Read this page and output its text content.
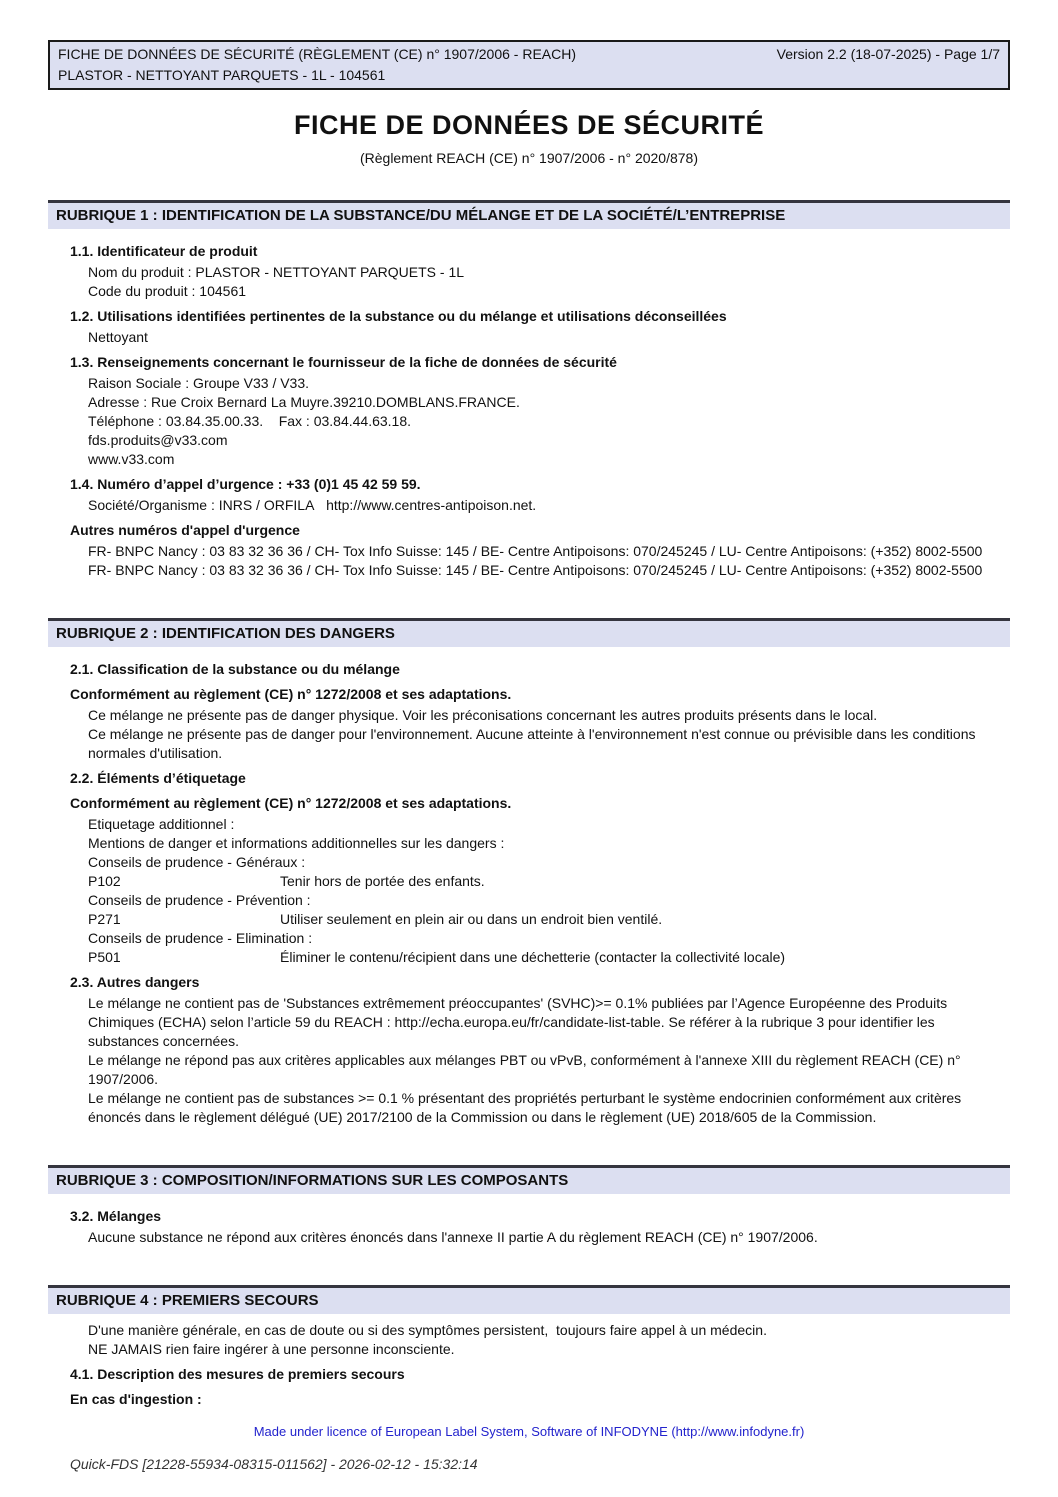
FICHE DE DONNÉES DE SÉCURITÉ (RÈGLEMENT (CE) n° 1907/2006 - REACH)	Version 2.2 (18-07-2025) - Page 1/7
PLASTOR - NETTOYANT PARQUETS - 1L - 104561
FICHE DE DONNÉES DE SÉCURITÉ
(Règlement REACH (CE) n° 1907/2006 - n° 2020/878)
RUBRIQUE 1 : IDENTIFICATION DE LA SUBSTANCE/DU MÉLANGE ET DE LA SOCIÉTÉ/L’ENTREPRISE
1.1. Identificateur de produit
Nom du produit : PLASTOR - NETTOYANT PARQUETS - 1L
Code du produit : 104561
1.2. Utilisations identifiées pertinentes de la substance ou du mélange et utilisations déconseillées
Nettoyant
1.3. Renseignements concernant le fournisseur de la fiche de données de sécurité
Raison Sociale : Groupe V33 / V33.
Adresse : Rue Croix Bernard La Muyre.39210.DOMBLANS.FRANCE.
Téléphone : 03.84.35.00.33.    Fax : 03.84.44.63.18.
fds.produits@v33.com
www.v33.com
1.4. Numéro d’appel d’urgence : +33 (0)1 45 42 59 59.
Société/Organisme : INRS / ORFILA   http://www.centres-antipoison.net.
Autres numéros d'appel d'urgence
FR- BNPC Nancy : 03 83 32 36 36 / CH- Tox Info Suisse: 145 / BE- Centre Antipoisons: 070/245245 / LU- Centre Antipoisons: (+352) 8002-5500
FR- BNPC Nancy : 03 83 32 36 36 / CH- Tox Info Suisse: 145 / BE- Centre Antipoisons: 070/245245 / LU- Centre Antipoisons: (+352) 8002-5500
RUBRIQUE 2 : IDENTIFICATION DES DANGERS
2.1. Classification de la substance ou du mélange
Conformément au règlement (CE) n° 1272/2008 et ses adaptations.
Ce mélange ne présente pas de danger physique. Voir les préconisations concernant les autres produits présents dans le local.
Ce mélange ne présente pas de danger pour l'environnement. Aucune atteinte à l'environnement n'est connue ou prévisible dans les conditions normales d'utilisation.
2.2. Éléments d’étiquetage
Conformément au règlement (CE) n° 1272/2008 et ses adaptations.
Etiquetage additionnel :
Mentions de danger et informations additionnelles sur les dangers :
Conseils de prudence - Généraux :
P102	Tenir hors de portée des enfants.
Conseils de prudence - Prévention :
P271	Utiliser seulement en plein air ou dans un endroit bien ventilé.
Conseils de prudence - Elimination :
P501	Éliminer le contenu/récipient dans une déchetterie (contacter la collectivité locale)
2.3. Autres dangers
Le mélange ne contient pas de 'Substances extrêmement préoccupantes' (SVHC)>= 0.1% publiées par l’Agence Européenne des Produits Chimiques (ECHA) selon l’article 59 du REACH : http://echa.europa.eu/fr/candidate-list-table. Se référer à la rubrique 3 pour identifier les substances concernées.
Le mélange ne répond pas aux critères applicables aux mélanges PBT ou vPvB, conformément à l'annexe XIII du règlement REACH (CE) n° 1907/2006.
Le mélange ne contient pas de substances >= 0.1 % présentant des propriétés perturbant le système endocrinien conformément aux critères énoncés dans le règlement délégué (UE) 2017/2100 de la Commission ou dans le règlement (UE) 2018/605 de la Commission.
RUBRIQUE 3 : COMPOSITION/INFORMATIONS SUR LES COMPOSANTS
3.2. Mélanges
Aucune substance ne répond aux critères énoncés dans l'annexe II partie A du règlement REACH (CE) n° 1907/2006.
RUBRIQUE 4 : PREMIERS SECOURS
D'une manière générale, en cas de doute ou si des symptômes persistent,  toujours faire appel à un médecin.
NE JAMAIS rien faire ingérer à une personne inconsciente.
4.1. Description des mesures de premiers secours
En cas d'ingestion :
Made under licence of European Label System, Software of INFODYNE (http://www.infodyne.fr)
Quick-FDS [21228-55934-08315-011562] - 2026-02-12 - 15:32:14
